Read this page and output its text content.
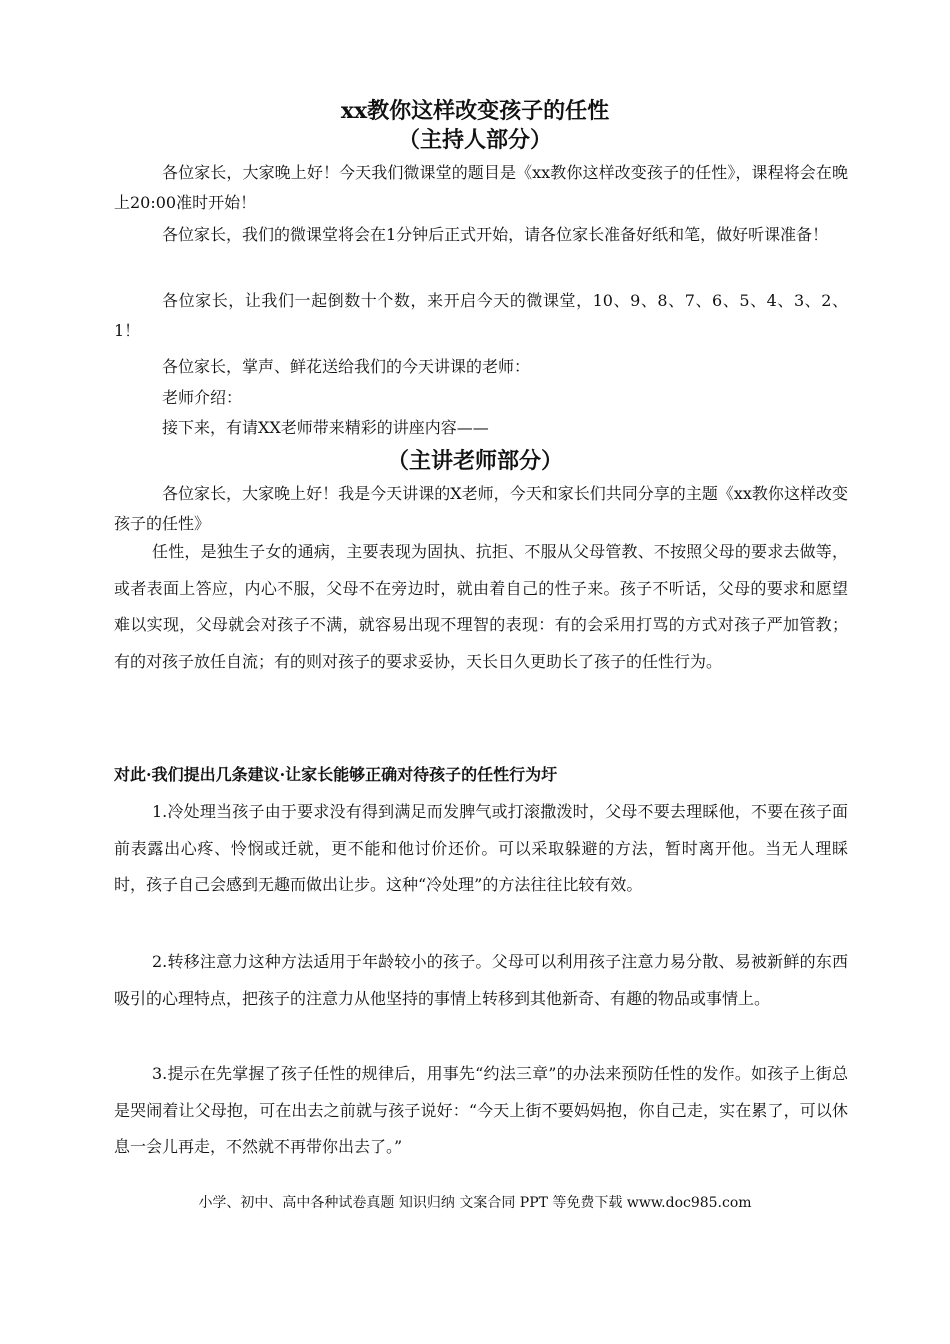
xx教你这样改变孩子的任性
（主持人部分）

各位家长，大家晚上好！今天我们微课堂的题目是《xx教你这样改变孩子的任性》，课程将会在晚上20:00准时开始！

各位家长，我们的微课堂将会在1分钟后正式开始，请各位家长准备好纸和笔，做好听课准备！

各位家长，让我们一起倒数十个数，来开启今天的微课堂，10、9、8、7、6、5、4、3、2、1！

各位家长，掌声、鲜花送给我们的今天讲课的老师：

老师介绍：

接下来，有请XX老师带来精彩的讲座内容——

（主讲老师部分）

各位家长，大家晚上好！我是今天讲课的X老师，今天和家长们共同分享的主题《xx教你这样改变孩子的任性》

任性，是独生子女的通病，主要表现为固执、抗拒、不服从父母管教、不按照父母的要求去做等，或者表面上答应，内心不服，父母不在旁边时，就由着自己的性子来。孩子不听话，父母的要求和愿望难以实现，父母就会对孩子不满，就容易出现不理智的表现：有的会采用打骂的方式对孩子严加管教；有的对孩子放任自流；有的则对孩子的要求妥协，天长日久更助长了孩子的任性行为。

对此·我们提出几条建议·让家长能够正确对待孩子的任性行为圩

1.冷处理当孩子由于要求没有得到满足而发脾气或打滚撒泼时，父母不要去理睬他，不要在孩子面前表露出心疼、怜悯或迁就，更不能和他讨价还价。可以采取躲避的方法，暂时离开他。当无人理睬时，孩子自己会感到无趣而做出让步。这种“冷处理”的方法往往比较有效。

2.转移注意力这种方法适用于年龄较小的孩子。父母可以利用孩子注意力易分散、易被新鲜的东西吸引的心理特点，把孩子的注意力从他坚持的事情上转移到其他新奇、有趣的物品或事情上。

3.提示在先掌握了孩子任性的规律后，用事先“约法三章”的办法来预防任性的发作。如孩子上街总是哭闹着让父母抱，可在出去之前就与孩子说好：“今天上街不要妈妈抱，你自己走，实在累了，可以休息一会儿再走，不然就不再带你出去了。”

小学、初中、高中各种试卷真题 知识归纳 文案合同 PPT 等免费下载 www.doc985.com
